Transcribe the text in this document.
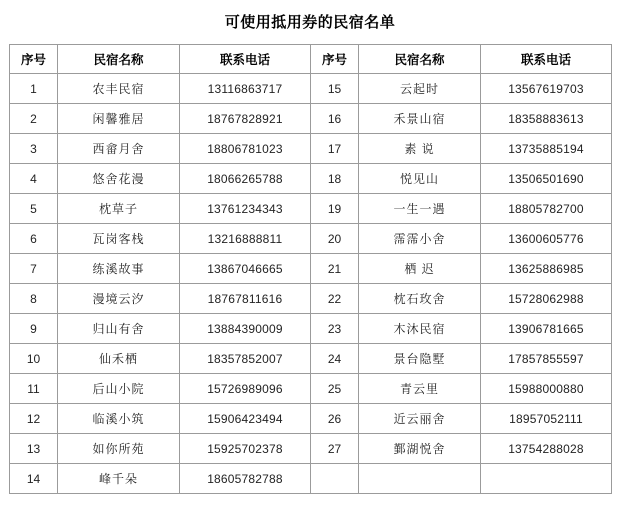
可使用抵用券的民宿名单
序号	民宿名称	联系电话	序号	民宿名称	联系电话
1	农丰民宿	13116863717	15	云起时	13567619703
2	闲馨雅居	18767828921	16	禾景山宿	18358883613
3	西畲月舍	18806781023	17	素 说	13735885194
4	悠舍花漫	18066265788	18	悦见山	13506501690
5	枕草子	13761234343	19	一生一遇	18805782700
6	瓦岗客栈	13216888811	20	霈霈小舍	13600605776
7	练溪故事	13867046665	21	栖 迟	13625886985
8	漫境云汐	18767811616	22	枕石玫舍	15728062988
9	归山有舍	13884390009	23	木沐民宿	13906781665
10	仙禾栖	18357852007	24	景台隐墅	17857855597
11	后山小院	15726989096	25	青云里	15988000880
12	临溪小筑	15906423494	26	近云丽舍	18957052111
13	如你所苑	15925702378	27	鄞湖悦舍	13754288028
14	峰千朵	18605782788			
